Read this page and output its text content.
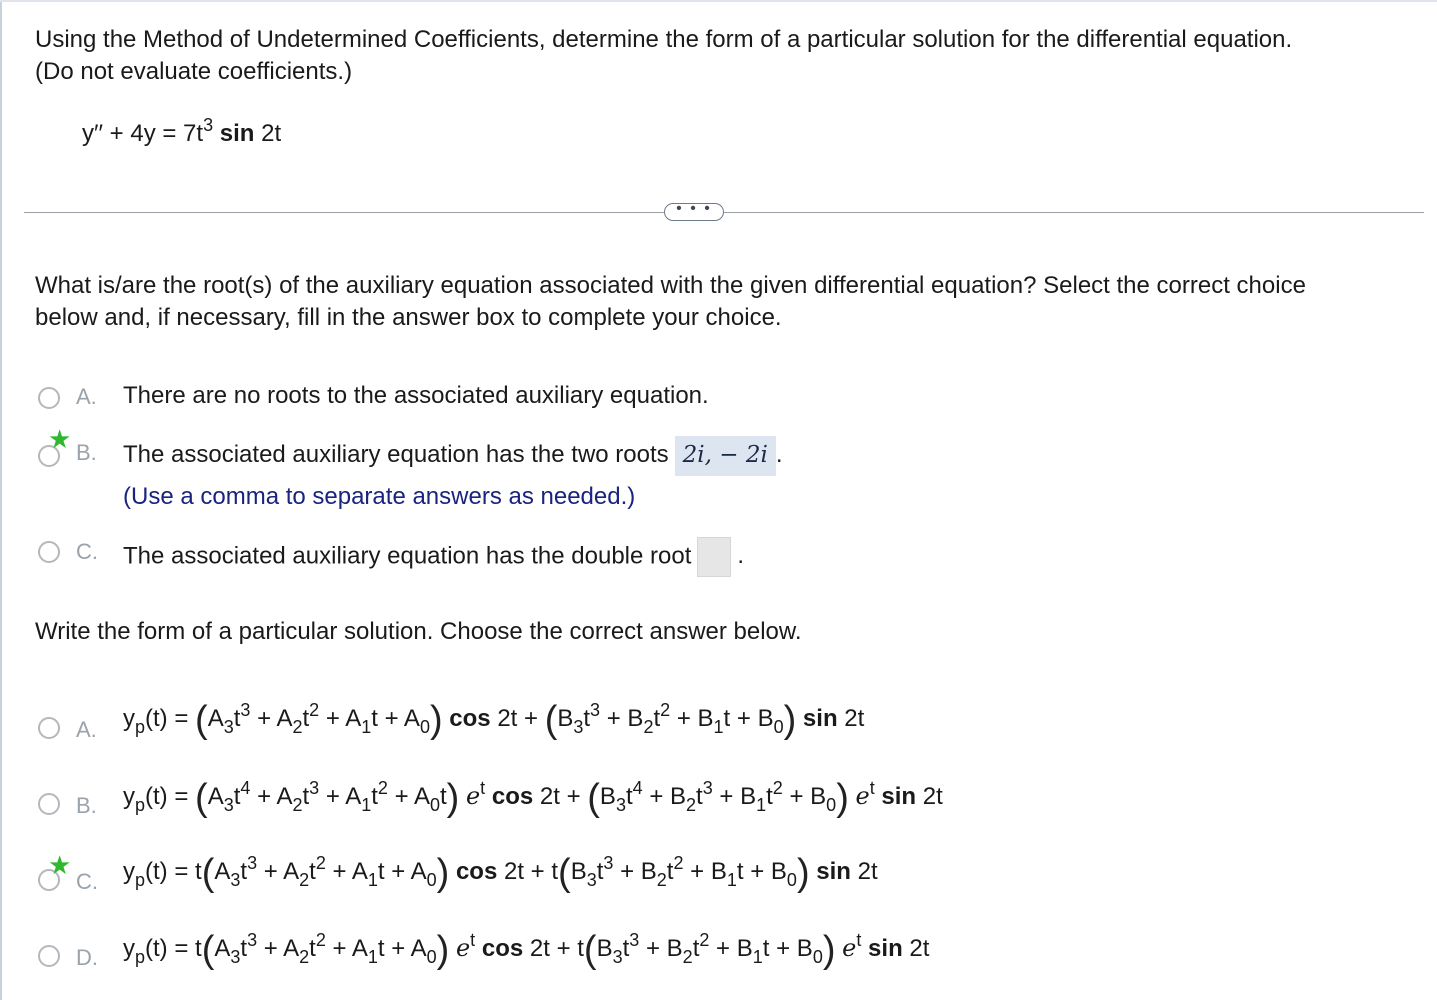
Using the Method of Undetermined Coefficients, determine the form of a particular solution for the differential equation.
(Do not evaluate coefficients.)
$y'' + 4y = 7t^3$ sin 2t
• • •
What is/are the root(s) of the auxiliary equation associated with the given differential equation? Select the correct choice
below and, if necessary, fill in the answer box to complete your choice.
A. There are no roots to the associated auxiliary equation.
★ B. The associated auxiliary equation has the two roots 2i, − 2i .
(Use a comma to separate answers as needed.)
C. The associated auxiliary equation has the double root .
Write the form of a particular solution. Choose the correct answer below.
A. $y_p(t) = (A_3t^3 + A_2t^2 + A_1t + A_0)$ $\cos 2t + (B_3t^3 + B_2t^2 + B_1t + B_0)$ sin 2t
B. $y_p(t) = (A_3t^4 + A_2t^3 + A_1t^2 + A_0t)$ $e^t$ $\cos 2t + (B_3t^4 + B_2t^3 + B_1t^2 + B_0)$ $e^t$ sin 2t
★
C. $y_p(t) = t(A_3t^3 + A_2t^2 + A_1t + A_0)$ $\cos 2t + t(B_3t^3 + B_2t^2 + B_1t + B_0)$ sin 2t
D. $y_p(t) = t(A_3t^3 + A_2t^2 + A_1t + A_0)$ $e^t$ $\cos 2t + t(B_3t^3 + B_2t^2 + B_1t + B_0)$ $e^t$ sin 2t
